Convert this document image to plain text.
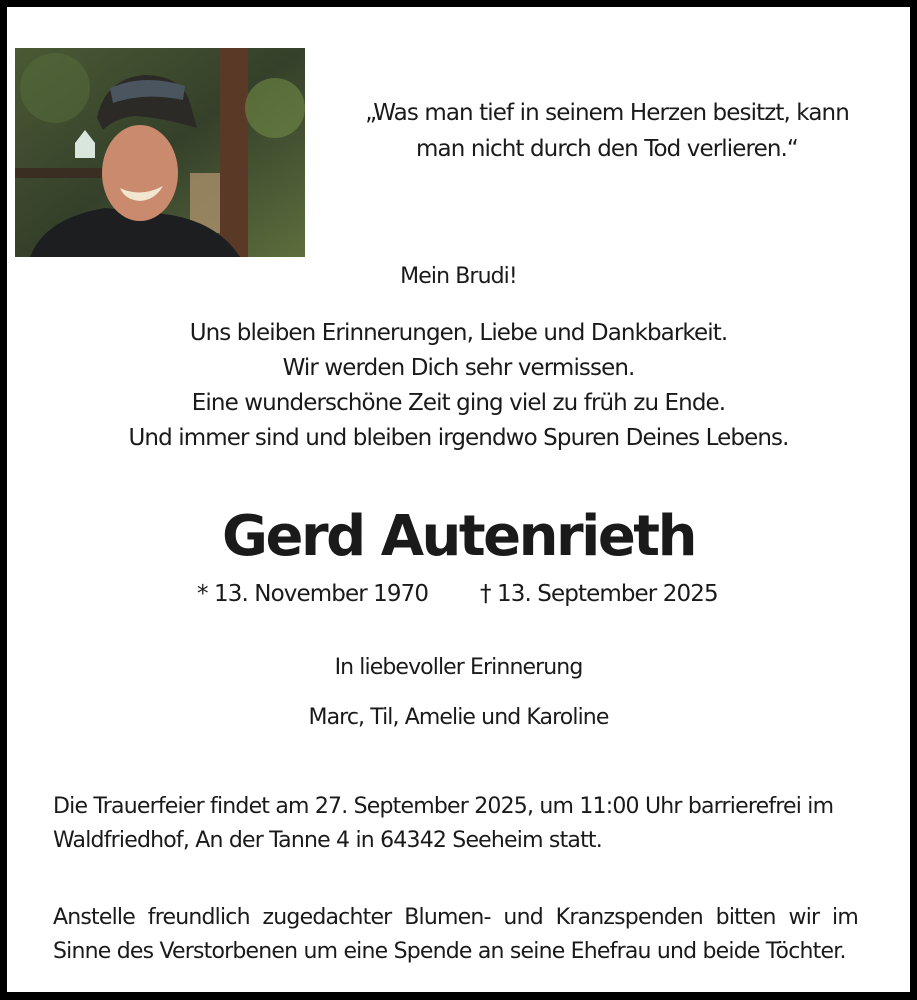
„Was man tief in seinem Herzen besitzt, kann
man nicht durch den Tod verlieren.“
Mein Brudi!
Uns bleiben Erinnerungen, Liebe und Dankbarkeit.
Wir werden Dich sehr vermissen.
Eine wunderschöne Zeit ging viel zu früh zu Ende.
Und immer sind und bleiben irgendwo Spuren Deines Lebens.
Gerd Autenrieth
* 13. November 1970 † 13. September 2025
In liebevoller Erinnerung
Marc, Til, Amelie und Karoline
Die Trauerfeier findet am 27. September 2025, um 11:00 Uhr barrierefrei im Waldfriedhof, An der Tanne 4 in 64342 Seeheim statt.
Anstelle freundlich zugedachter Blumen- und Kranzspenden bitten wir im Sinne des Verstorbenen um eine Spende an seine Ehefrau und beide Töchter.
